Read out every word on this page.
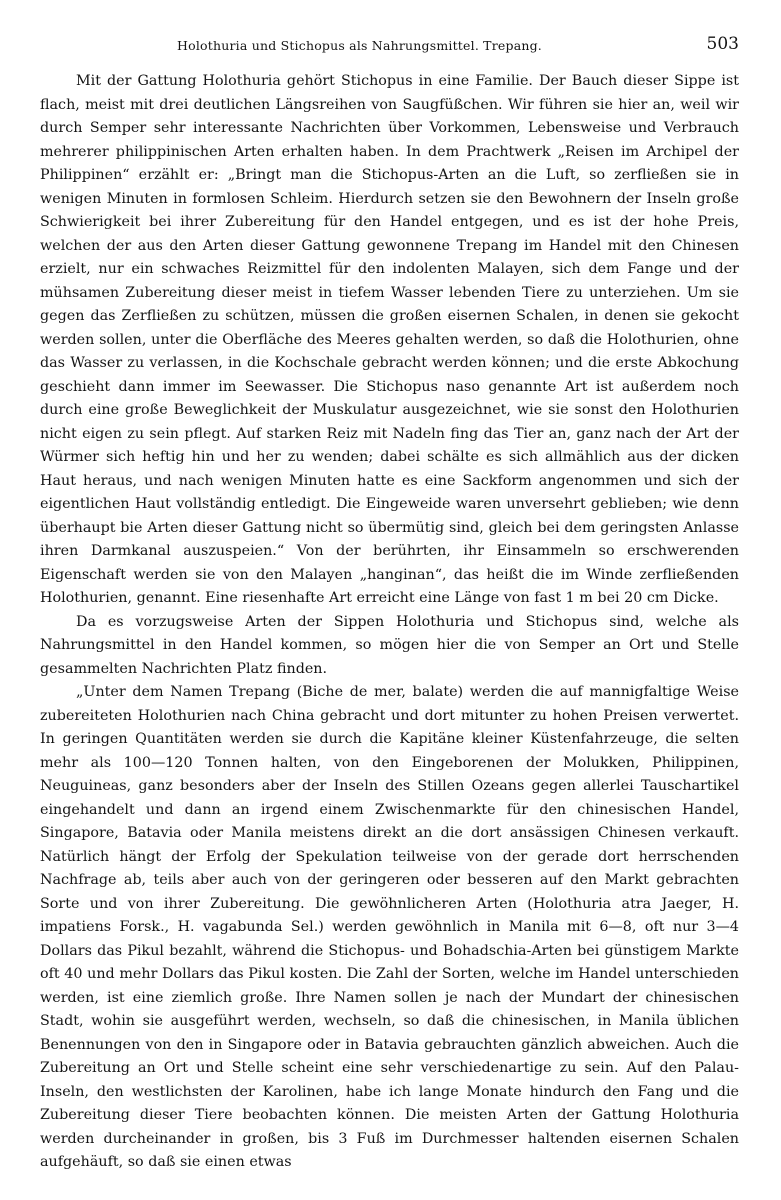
Holothuria und Stichopus als Nahrungsmittel. Trepang.	503

Mit der Gattung Holothuria gehört Stichopus in eine Familie. Der Bauch dieser Sippe ist flach, meist mit drei deutlichen Längsreihen von Saugfüßchen. Wir führen sie hier an, weil wir durch Semper sehr interessante Nachrichten über Vorkommen, Lebensweise und Verbrauch mehrerer philippinischen Arten erhalten haben. In dem Prachtwerk „Reisen im Archipel der Philippinen“ erzählt er: „Bringt man die Stichopus-Arten an die Luft, so zerfließen sie in wenigen Minuten in formlosen Schleim. Hierdurch setzen sie den Bewohnern der Inseln große Schwierigkeit bei ihrer Zubereitung für den Handel entgegen, und es ist der hohe Preis, welchen der aus den Arten dieser Gattung gewonnene Trepang im Handel mit den Chinesen erzielt, nur ein schwaches Reizmittel für den indolenten Malayen, sich dem Fange und der mühsamen Zubereitung dieser meist in tiefem Wasser lebenden Tiere zu unterziehen. Um sie gegen das Zerfließen zu schützen, müssen die großen eisernen Schalen, in denen sie gekocht werden sollen, unter die Oberfläche des Meeres gehalten werden, so daß die Holothurien, ohne das Wasser zu verlassen, in die Kochschale gebracht werden können; und die erste Abkochung geschieht dann immer im Seewasser. Die Stichopus naso genannte Art ist außerdem noch durch eine große Beweglichkeit der Muskulatur ausgezeichnet, wie sie sonst den Holothurien nicht eigen zu sein pflegt. Auf starken Reiz mit Nadeln fing das Tier an, ganz nach der Art der Würmer sich heftig hin und her zu wenden; dabei schälte es sich allmählich aus der dicken Haut heraus, und nach wenigen Minuten hatte es eine Sackform angenommen und sich der eigentlichen Haut vollständig entledigt. Die Eingeweide waren unversehrt geblieben; wie denn überhaupt bie Arten dieser Gattung nicht so übermütig sind, gleich bei dem geringsten Anlasse ihren Darmkanal auszuspeien.“ Von der berührten, ihr Einsammeln so erschwerenden Eigenschaft werden sie von den Malayen „hanginan“, das heißt die im Winde zerfließenden Holothurien, genannt. Eine riesenhafte Art erreicht eine Länge von fast 1 m bei 20 cm Dicke.

Da es vorzugsweise Arten der Sippen Holothuria und Stichopus sind, welche als Nahrungsmittel in den Handel kommen, so mögen hier die von Semper an Ort und Stelle gesammelten Nachrichten Platz finden.

„Unter dem Namen Trepang (Biche de mer, balate) werden die auf mannigfaltige Weise zubereiteten Holothurien nach China gebracht und dort mitunter zu hohen Preisen verwertet. In geringen Quantitäten werden sie durch die Kapitäne kleiner Küstenfahrzeuge, die selten mehr als 100—120 Tonnen halten, von den Eingeborenen der Molukken, Philippinen, Neuguineas, ganz besonders aber der Inseln des Stillen Ozeans gegen allerlei Tauschartikel eingehandelt und dann an irgend einem Zwischenmarkte für den chinesischen Handel, Singapore, Batavia oder Manila meistens direkt an die dort ansässigen Chinesen verkauft. Natürlich hängt der Erfolg der Spekulation teilweise von der gerade dort herrschenden Nachfrage ab, teils aber auch von der geringeren oder besseren auf den Markt gebrachten Sorte und von ihrer Zubereitung. Die gewöhnlicheren Arten (Holothuria atra Jaeger, H. impatiens Forsk., H. vagabunda Sel.) werden gewöhnlich in Manila mit 6—8, oft nur 3—4 Dollars das Pikul bezahlt, während die Stichopus- und Bohadschia-Arten bei günstigem Markte oft 40 und mehr Dollars das Pikul kosten. Die Zahl der Sorten, welche im Handel unterschieden werden, ist eine ziemlich große. Ihre Namen sollen je nach der Mundart der chinesischen Stadt, wohin sie ausgeführt werden, wechseln, so daß die chinesischen, in Manila üblichen Benennungen von den in Singapore oder in Batavia gebrauchten gänzlich abweichen. Auch die Zubereitung an Ort und Stelle scheint eine sehr verschiedenartige zu sein. Auf den Palau-Inseln, den westlichsten der Karolinen, habe ich lange Monate hindurch den Fang und die Zubereitung dieser Tiere beobachten können. Die meisten Arten der Gattung Holothuria werden durcheinander in großen, bis 3 Fuß im Durchmesser haltenden eisernen Schalen aufgehäuft, so daß sie einen etwas
